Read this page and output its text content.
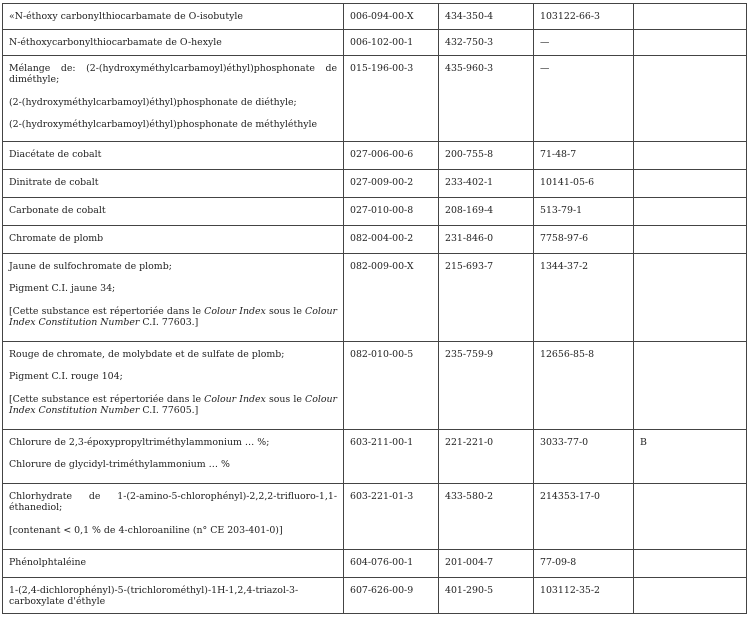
«N-éthoxy carbonylthiocarbamate de O-isobutyle	006-094-00-X	434-350-4	103122-66-3	

N-éthoxycarbonylthiocarbamate de O-hexyle	006-102-00-1	432-750-3	—	

Mélange de: (2-(hydroxyméthylcarbamoyl)éthyl)phosphonate de diméthyle;
(2-(hydroxyméthylcarbamoyl)éthyl)phosphonate de diéthyle;
(2-(hydroxyméthylcarbamoyl)éthyl)phosphonate de méthyléthyle	015-196-00-3	435-960-3	—	

Diacétate de cobalt	027-006-00-6	200-755-8	71-48-7	

Dinitrate de cobalt	027-009-00-2	233-402-1	10141-05-6	

Carbonate de cobalt	027-010-00-8	208-169-4	513-79-1	

Chromate de plomb	082-004-00-2	231-846-0	7758-97-6	

Jaune de sulfochromate de plomb;
Pigment C.I. jaune 34;
[Cette substance est répertoriée dans le Colour Index sous le Colour Index Constitution Number C.I. 77603.]	082-009-00-X	215-693-7	1344-37-2	

Rouge de chromate, de molybdate et de sulfate de plomb;
Pigment C.I. rouge 104;
[Cette substance est répertoriée dans le Colour Index sous le Colour Index Constitution Number C.I. 77605.]	082-010-00-5	235-759-9	12656-85-8	

Chlorure de 2,3-époxypropyltriméthylammonium … %;
Chlorure de glycidyl-triméthylammonium … %	603-211-00-1	221-221-0	3033-77-0	B

Chlorhydrate de 1-(2-amino-5-chlorophényl)-2,2,2-trifluoro-1,1-éthanediol;
[contenant < 0,1 % de 4-chloroaniline (n° CE 203-401-0)]	603-221-01-3	433-580-2	214353-17-0	

Phénolphtaléine	604-076-00-1	201-004-7	77-09-8	

1-(2,4-dichlorophényl)-5-(trichlorométhyl)-1H-1,2,4-triazol-3-carboxylate d'éthyle	607-626-00-9	401-290-5	103112-35-2	
